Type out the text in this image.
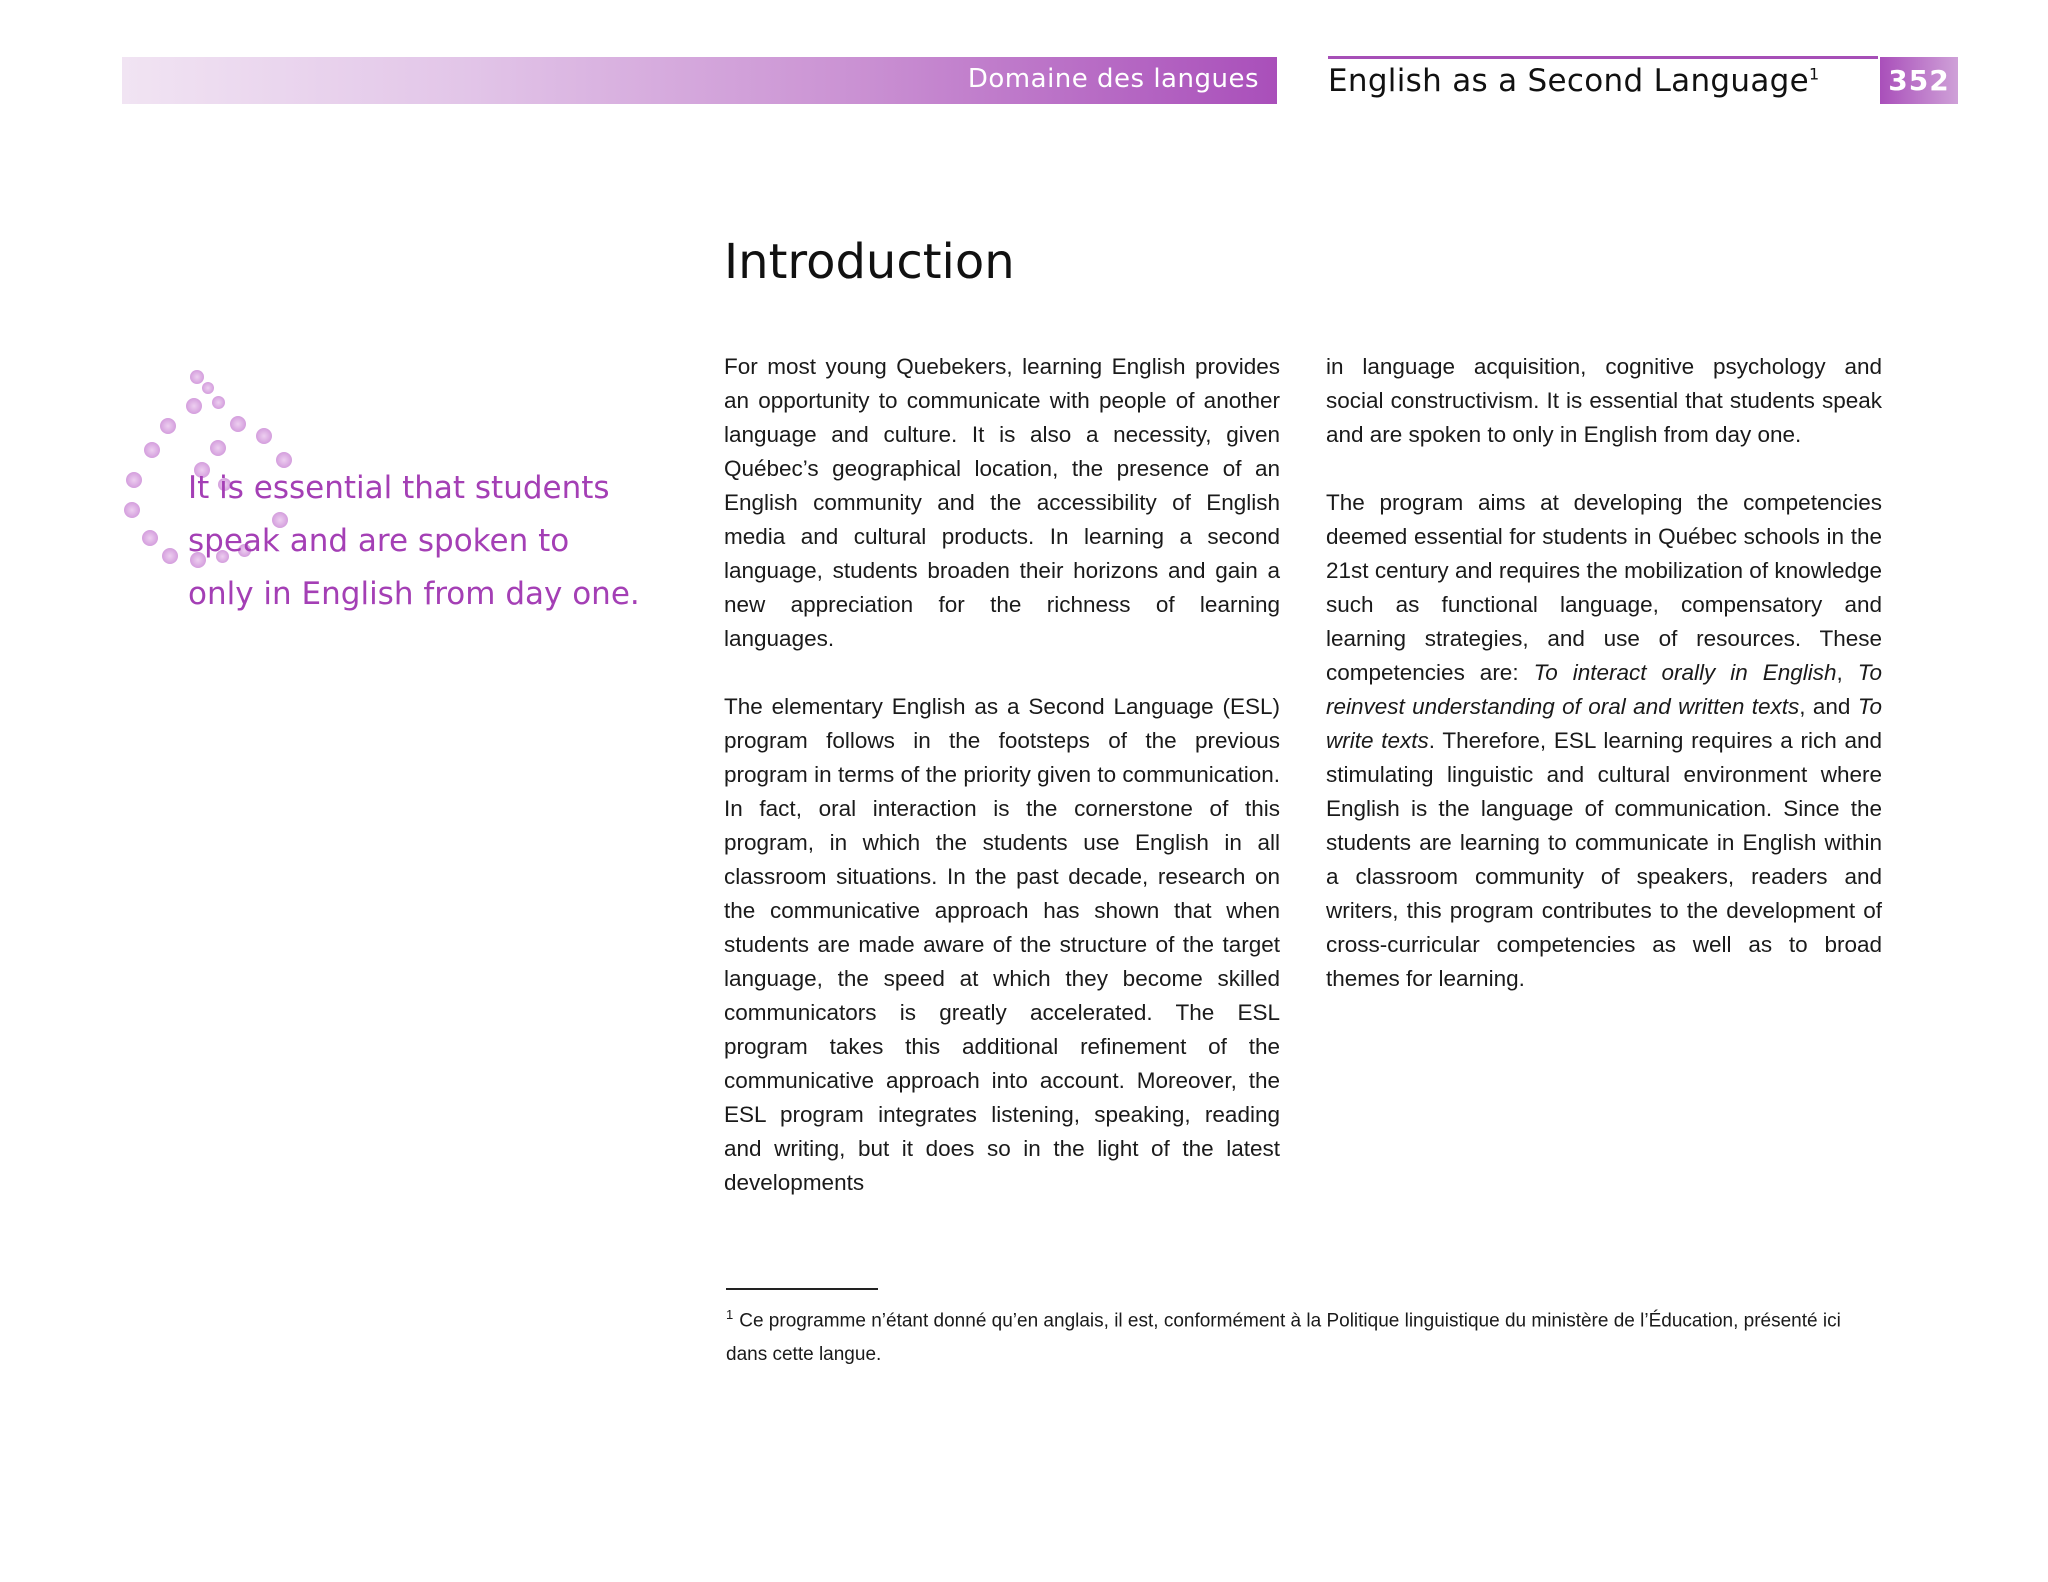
Domaine des langues English as a Second Language$^1$ 352
Introduction
It is essential that students
speak and are spoken to
only in English from day one.

For most young Quebekers, learning English provides an opportunity to communicate with people of another language and culture. It is also a necessity, given Québec’s geographical location, the presence of an English community and the accessibility of English media and cultural products. In learning a second language, students broaden their horizons and gain a new appreciation for the richness of learning languages.

The elementary English as a Second Language (ESL) program follows in the footsteps of the previous program in terms of the priority given to communication. In fact, oral interaction is the cornerstone of this program, in which the students use English in all classroom situations. In the past decade, research on the communicative approach has shown that when students are made aware of the structure of the target language, the speed at which they become skilled communicators is greatly accelerated. The ESL program takes this additional refinement of the communicative approach into account. Moreover, the ESL program integrates listening, speaking, reading and writing, but it does so in the light of the latest developments

in language acquisition, cognitive psychology and social constructivism. It is essential that students speak and are spoken to only in English from day one.

The program aims at developing the competencies deemed essential for students in Québec schools in the 21st century and requires the mobilization of knowledge such as functional language, compensatory and learning strategies, and use of resources. These competencies are: To interact orally in English, To reinvest understanding of oral and written texts, and To write texts. Therefore, ESL learning requires a rich and stimulating linguistic and cultural environment where English is the language of communication. Since the students are learning to communicate in English within a classroom community of speakers, readers and writers, this program contributes to the development of cross-curricular competencies as well as to broad themes for learning.

$^1$ Ce programme n’étant donné qu’en anglais, il est, conformément à la Politique linguistique du ministère de l’Éducation, présenté ici dans cette langue.
